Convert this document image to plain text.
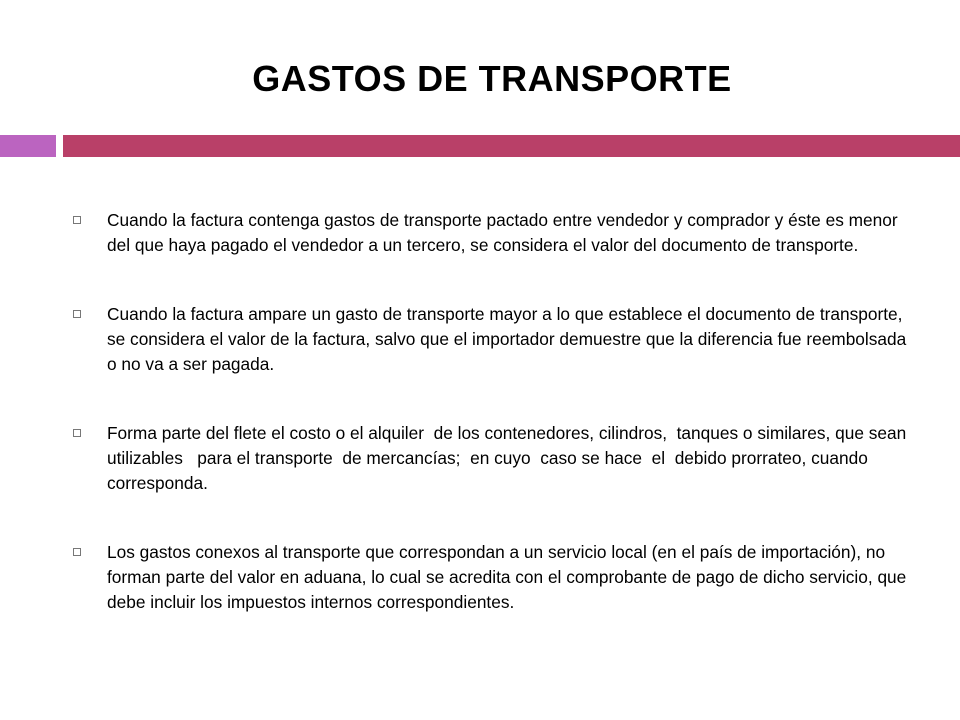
GASTOS DE TRANSPORTE
Cuando la factura contenga gastos de transporte pactado entre vendedor y comprador y éste es menor del que haya pagado el vendedor a un tercero, se considera el valor del documento de transporte.
Cuando la factura ampare un gasto de transporte mayor a lo que establece el documento de transporte, se considera el valor de la factura, salvo que el importador demuestre que la diferencia fue reembolsada o no va a ser pagada.
Forma parte del flete el costo o el alquiler  de los contenedores, cilindros,  tanques o similares, que sean utilizables   para el transporte  de mercancías;  en cuyo  caso se hace  el  debido prorrateo, cuando corresponda.
Los gastos conexos al transporte que correspondan a un servicio local (en el país de importación), no forman parte del valor en aduana, lo cual se acredita con el comprobante de pago de dicho servicio, que debe incluir los impuestos internos correspondientes.
